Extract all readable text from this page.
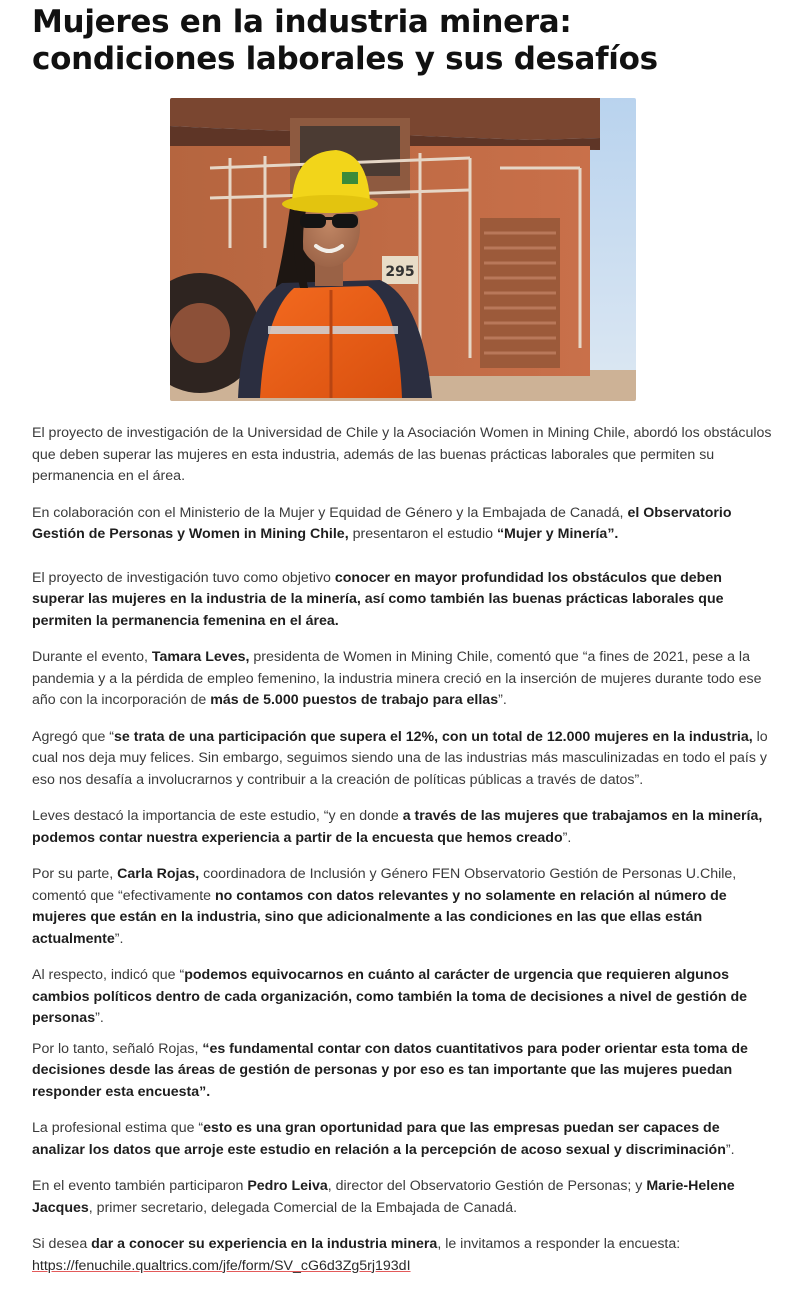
Mujeres en la industria minera: condiciones laborales y sus desafíos
295

El proyecto de investigación de la Universidad de Chile y la Asociación Women in Mining Chile, abordó los obstáculos que deben superar las mujeres en esta industria, además de las buenas prácticas laborales que permiten su permanencia en el área.

En colaboración con el Ministerio de la Mujer y Equidad de Género y la Embajada de Canadá, el Observatorio Gestión de Personas y Women in Mining Chile, presentaron el estudio “Mujer y Minería”.

El proyecto de investigación tuvo como objetivo conocer en mayor profundidad los obstáculos que deben superar las mujeres en la industria de la minería, así como también las buenas prácticas laborales que permiten la permanencia femenina en el área.

Durante el evento, Tamara Leves, presidenta de Women in Mining Chile, comentó que “a fines de 2021, pese a la pandemia y a la pérdida de empleo femenino, la industria minera creció en la inserción de mujeres durante todo ese año con la incorporación de más de 5.000 puestos de trabajo para ellas”.

Agregó que “se trata de una participación que supera el 12%, con un total de 12.000 mujeres en la industria, lo cual nos deja muy felices. Sin embargo, seguimos siendo una de las industrias más masculinizadas en todo el país y eso nos desafía a involucrarnos y contribuir a la creación de políticas públicas a través de datos”.

Leves destacó la importancia de este estudio, “y en donde a través de las mujeres que trabajamos en la minería, podemos contar nuestra experiencia a partir de la encuesta que hemos creado”.

Por su parte, Carla Rojas, coordinadora de Inclusión y Género FEN Observatorio Gestión de Personas U.Chile, comentó que “efectivamente no contamos con datos relevantes y no solamente en relación al número de mujeres que están en la industria, sino que adicionalmente a las condiciones en las que ellas están actualmente”.

Al respecto, indicó que “podemos equivocarnos en cuánto al carácter de urgencia que requieren algunos cambios políticos dentro de cada organización, como también la toma de decisiones a nivel de gestión de personas”.

Por lo tanto, señaló Rojas, “es fundamental contar con datos cuantitativos para poder orientar esta toma de decisiones desde las áreas de gestión de personas y por eso es tan importante que las mujeres puedan responder esta encuesta”.

La profesional estima que “esto es una gran oportunidad para que las empresas puedan ser capaces de analizar los datos que arroje este estudio en relación a la percepción de acoso sexual y discriminación”.

En el evento también participaron Pedro Leiva, director del Observatorio Gestión de Personas; y Marie-Helene Jacques, primer secretario, delegada Comercial de la Embajada de Canadá.

Si desea dar a conocer su experiencia en la industria minera, le invitamos a responder la encuesta: https://fenuchile.qualtrics.com/jfe/form/SV_cG6d3Zg5rj193dI
